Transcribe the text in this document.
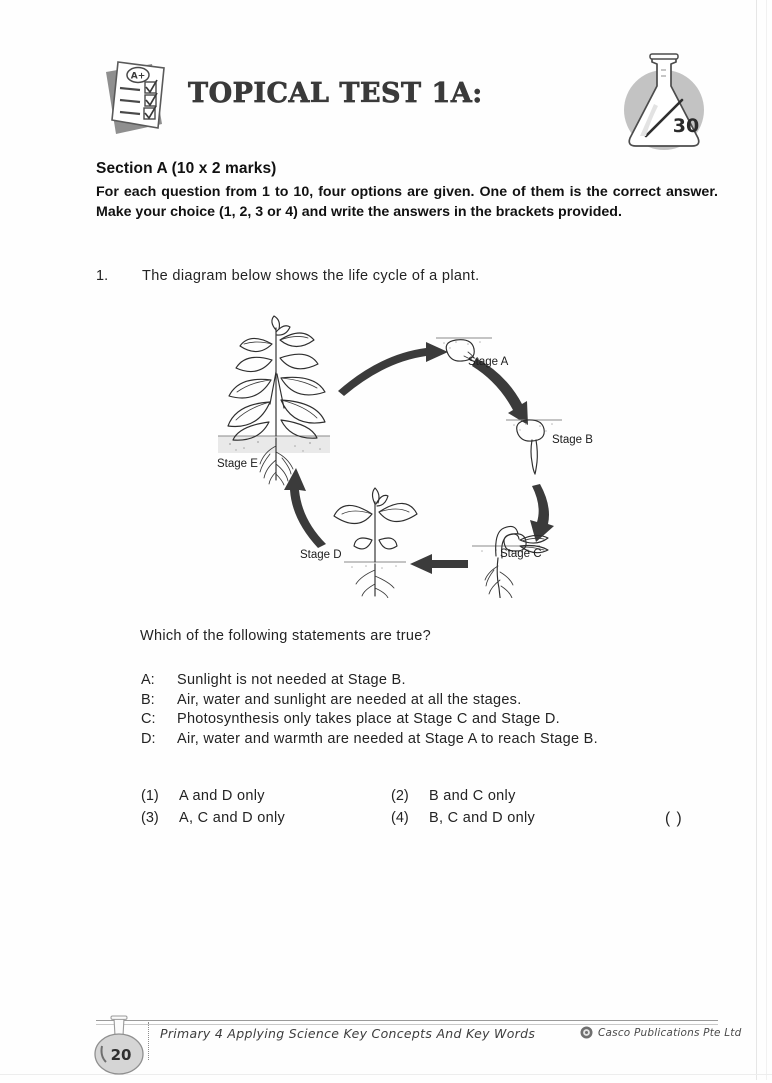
A+
TOPICAL TEST 1A:
30

Section A (10 x 2 marks)

For each question from 1 to 10, four options are given. One of them is the correct answer. Make your choice (1, 2, 3 or 4) and write the answers in the brackets provided.

1.	The diagram below shows the life cycle of a plant.
Stage A
Stage B
Stage C
Stage D
Stage E

Which of the following statements are true?

A:	Sunlight is not needed at Stage B.
B:	Air, water and sunlight are needed at all the stages.
C:	Photosynthesis only takes place at Stage C and Stage D.
D:	Air, water and warmth are needed at Stage A to reach Stage B.
(1)	A and D only	(2)	B and C only
(3)	A, C and D only	(4)	B, C and D only	( )
20
Primary 4 Applying Science Key Concepts And Key Words	Casco Publications Pte Ltd
